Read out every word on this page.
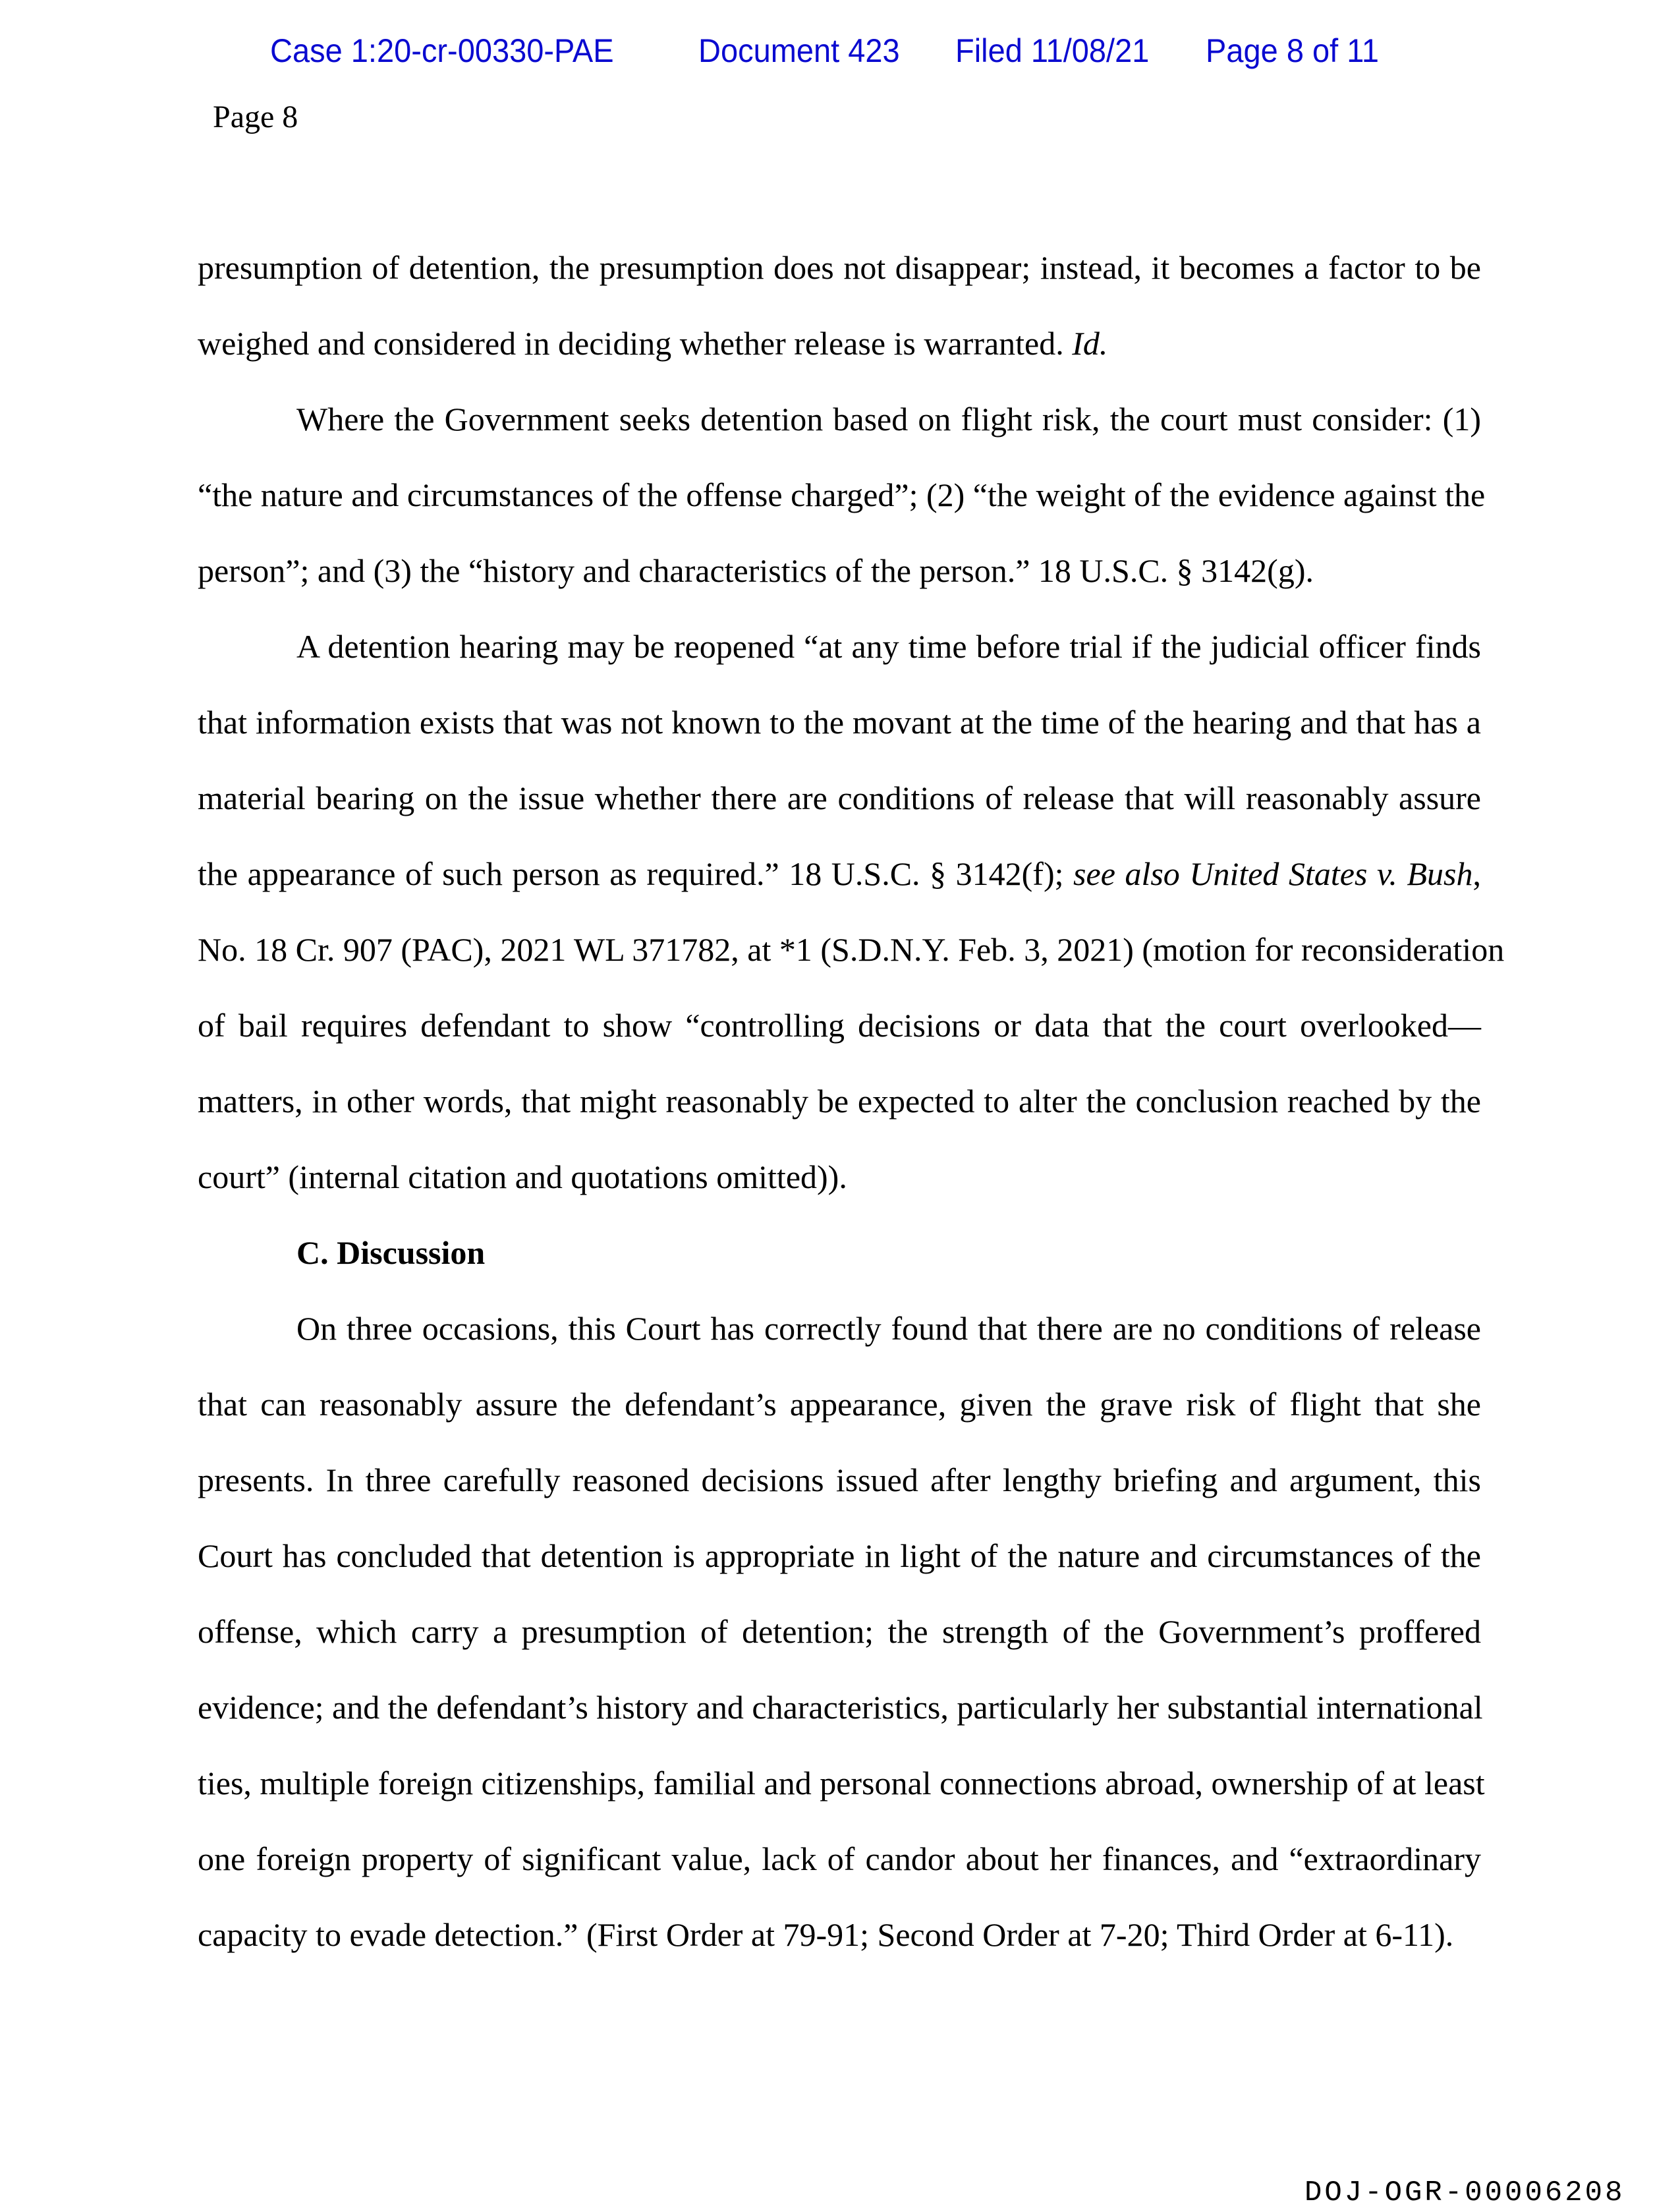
Case 1:20-cr-00330-PAE	Document 423 Filed 11/08/21 Page 8 of 11
Page 8
presumption of detention, the presumption does not disappear; instead, it becomes a factor to be
weighed and considered in deciding whether release is warranted. Id.
Where the Government seeks detention based on flight risk, the court must consider: (1)
“the nature and circumstances of the offense charged”; (2) “the weight of the evidence against the
person”; and (3) the “history and characteristics of the person.” 18 U.S.C. § 3142(g).
A detention hearing may be reopened “at any time before trial if the judicial officer finds
that information exists that was not known to the movant at the time of the hearing and that has a
material bearing on the issue whether there are conditions of release that will reasonably assure
the appearance of such person as required.” 18 U.S.C. § 3142(f); see also United States v. Bush,
No. 18 Cr. 907 (PAC), 2021 WL 371782, at *1 (S.D.N.Y. Feb. 3, 2021) (motion for reconsideration
of bail requires defendant to show “controlling decisions or data that the court overlooked—
matters, in other words, that might reasonably be expected to alter the conclusion reached by the
court” (internal citation and quotations omitted)).
C. Discussion
On three occasions, this Court has correctly found that there are no conditions of release
that can reasonably assure the defendant’s appearance, given the grave risk of flight that she
presents. In three carefully reasoned decisions issued after lengthy briefing and argument, this
Court has concluded that detention is appropriate in light of the nature and circumstances of the
offense, which carry a presumption of detention; the strength of the Government’s proffered
evidence; and the defendant’s history and characteristics, particularly her substantial international
ties, multiple foreign citizenships, familial and personal connections abroad, ownership of at least
one foreign property of significant value, lack of candor about her finances, and “extraordinary
capacity to evade detection.” (First Order at 79-91; Second Order at 7-20; Third Order at 6-11).
DOJ-OGR-00006208
